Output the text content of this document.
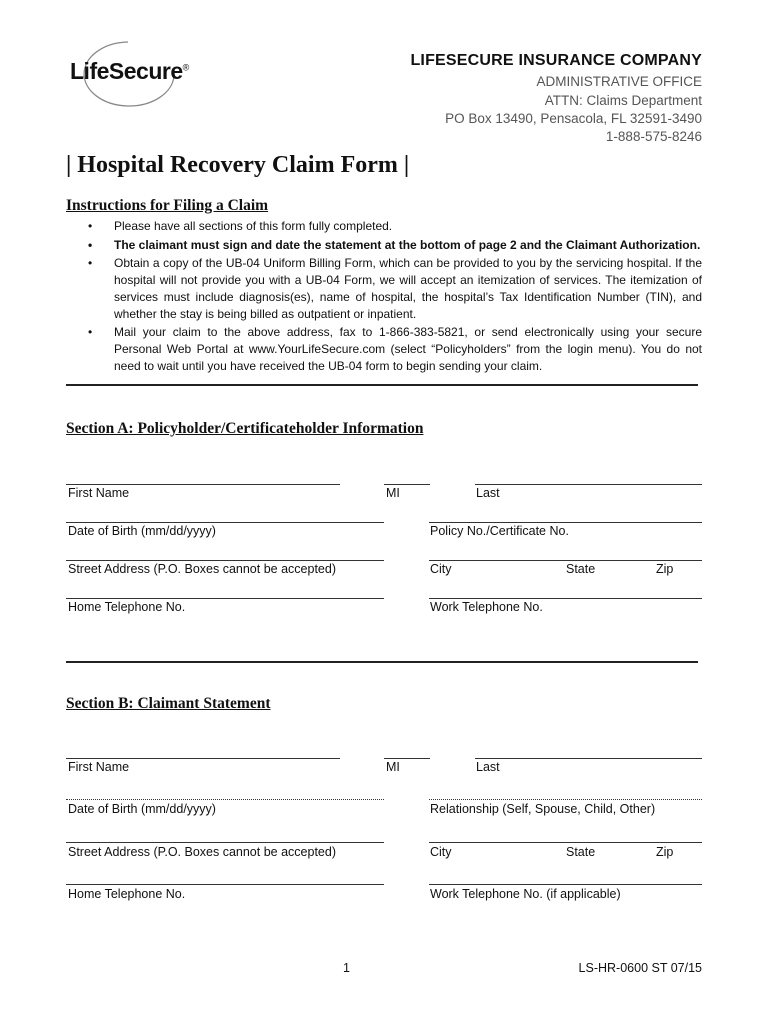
LifeSecure®	LIFESECURE INSURANCE COMPANY
ADMINISTRATIVE OFFICE
ATTN: Claims Department
PO Box 13490, Pensacola, FL 32591-3490
1-888-575-8246
| Hospital Recovery Claim Form |
Instructions for Filing a Claim
• Please have all sections of this form fully completed.
• The claimant must sign and date the statement at the bottom of page 2 and the Claimant Authorization.
• Obtain a copy of the UB-04 Uniform Billing Form, which can be provided to you by the servicing hospital. If the hospital will not provide you with a UB-04 Form, we will accept an itemization of services. The itemization of services must include diagnosis(es), name of hospital, the hospital’s Tax Identification Number (TIN), and whether the stay is being billed as outpatient or inpatient.
• Mail your claim to the above address, fax to 1-866-383-5821, or send electronically using your secure Personal Web Portal at www.YourLifeSecure.com (select “Policyholders” from the login menu). You do not need to wait until you have received the UB-04 form to begin sending your claim.
Section A: Policyholder/Certificateholder Information
First Name	MI	Last
Date of Birth (mm/dd/yyyy)	Policy No./Certificate No.
Street Address (P.O. Boxes cannot be accepted)	City	State	Zip
Home Telephone No.	Work Telephone No.
Section B: Claimant Statement
First Name	MI	Last
Date of Birth (mm/dd/yyyy)	Relationship (Self, Spouse, Child, Other)
Street Address (P.O. Boxes cannot be accepted)	City	State	Zip
Home Telephone No.	Work Telephone No. (if applicable)
1	LS-HR-0600 ST 07/15
